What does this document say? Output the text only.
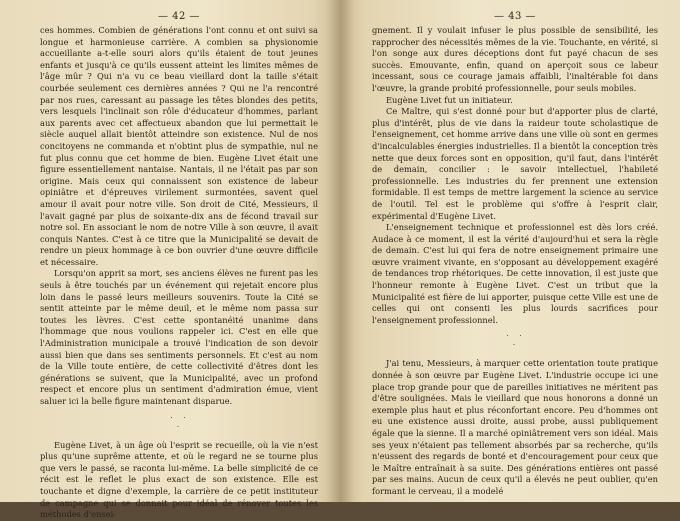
— 42 —

ces hommes. Combien de générations l'ont connu et ont suivi sa longue et harmonieuse carrière. A combien sa physionomie accueillante a-t-elle souri alors qu'ils étaient de tout jeunes enfants et jusqu'à ce qu'ils eussent atteint les limites mêmes de l'âge mûr ? Qui n'a vu ce beau vieillard dont la taille s'était courbée seulement ces dernières années ? Qui ne l'a rencontré par nos rues, caressant au passage les têtes blondes des petits, vers lesquels l'inclinait son rôle d'éducateur d'hommes, parlant aux parents avec cet affectueux abandon que lui permettait le siècle auquel allait bientôt atteindre son existence. Nul de nos concitoyens ne commanda et n'obtint plus de sympathie, nul ne fut plus connu que cet homme de bien. Eugène Livet était une figure essentiellement nantaise. Nantais, il ne l'était pas par son origine. Mais ceux qui connaissent son existence de labeur opiniâtre et d'épreuves virilement surmontées, savent quel amour il avait pour notre ville. Son droit de Cité, Messieurs, il l'avait gagné par plus de soixante-dix ans de fécond travail sur notre sol. En associant le nom de notre Ville à son œuvre, il avait conquis Nantes. C'est à ce titre que la Municipalité se devait de rendre un pieux hommage à ce bon ouvrier d'une œuvre difficile et nécessaire.

Lorsqu'on apprit sa mort, ses anciens élèves ne furent pas les seuls à être touchés par un événement qui rejetait encore plus loin dans le passé leurs meilleurs souvenirs. Toute la Cité se sentit atteinte par le même deuil, et le même nom passa sur toutes les lèvres. C'est cette spontanéité unanime dans l'hommage que nous voulions rappeler ici. C'est en elle que l'Administration municipale a trouvé l'indication de son devoir aussi bien que dans ses sentiments personnels. Et c'est au nom de la Ville toute entière, de cette collectivité d'êtres dont les générations se suivent, que la Municipalité, avec un profond respect et encore plus un sentiment d'admiration émue, vient saluer ici la belle figure maintenant disparue.

·  ·
·

Eugène Livet, à un âge où l'esprit se recueille, où la vie n'est plus qu'une suprême attente, et où le regard ne se tourne plus que vers le passé, se raconta lui-même. La belle simplicité de ce récit est le reflet le plus exact de son existence. Elle est touchante et digne d'exemple, la carrière de ce petit instituteur de campagne qui se donnait pour idéal de rénover toutes les méthodes d'ensei-

— 43 —

gnement. Il y voulait infuser le plus possible de sensibilité, les rapprocher des nécessités mêmes de la vie. Touchante, en vérité, si l'on songe aux dures déceptions dont fut payé chacun de ses succès. Emouvante, enfin, quand on aperçoit sous ce labeur incessant, sous ce courage jamais affaibli, l'inaltérable foi dans l'œuvre, la grande probité professionnelle, pour seuls mobiles.

Eugène Livet fut un initiateur.

Ce Maître, qui s'est donné pour but d'apporter plus de clarté, plus d'intérêt, plus de vie dans la raideur toute scholastique de l'enseignement, cet homme arrive dans une ville où sont en germes d'incalculables énergies industrielles. Il a bientôt la conception très nette que deux forces sont en opposition, qu'il faut, dans l'intérêt de demain, concilier : le savoir intellectuel, l'habileté professionnelle. Les industries du fer prennent une extension formidable. Il est temps de mettre largement la science au service de l'outil. Tel est le problème qui s'offre à l'esprit clair, expérimental d'Eugène Livet.

L'enseignement technique et professionnel est dès lors créé. Audace à ce moment, il est la vérité d'aujourd'hui et sera la règle de demain. C'est lui qui fera de notre enseignement primaire une œuvre vraiment vivante, en s'opposant au développement exagéré de tendances trop rhétoriques. De cette innovation, il est juste que l'honneur remonte à Eugène Livet. C'est un tribut que la Municipalité est fière de lui apporter, puisque cette Ville est une de celles qui ont consenti les plus lourds sacrifices pour l'enseignement professionnel.

·  ·
·

J'ai tenu, Messieurs, à marquer cette orientation toute pratique donnée à son œuvre par Eugène Livet. L'industrie occupe ici une place trop grande pour que de pareilles initiatives ne méritent pas d'être soulignées. Mais le vieillard que nous honorons a donné un exemple plus haut et plus réconfortant encore. Peu d'hommes ont eu une existence aussi droite, aussi probe, aussi publiquement égale que la sienne. Il a marché opiniâtrement vers son idéal. Mais ses yeux n'étaient pas tellement absorbés par sa recherche, qu'ils n'eussent des regards de bonté et d'encouragement pour ceux que le Maître entraînait à sa suite. Des générations entières ont passé par ses mains. Aucun de ceux qu'il a élevés ne peut oublier, qu'en formant le cerveau, il a modelé
